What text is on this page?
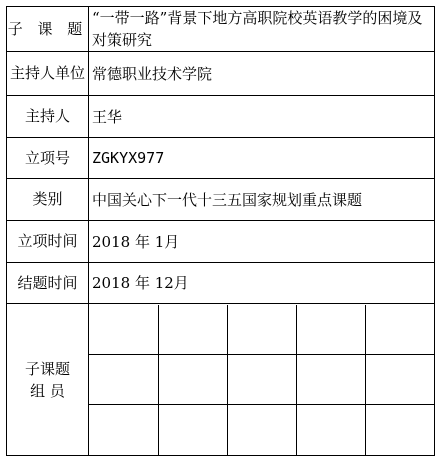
子 课 题	“一带一路”背景下地方高职院校英语教学的困境及对策研究
主持人单位	常德职业技术学院
主持人	王华
立项号	ZGKYX977
类别	中国关心下一代十三五国家规划重点课题
立项时间	2018 年 1月
结题时间	2018 年 12月

子课题
组 员
